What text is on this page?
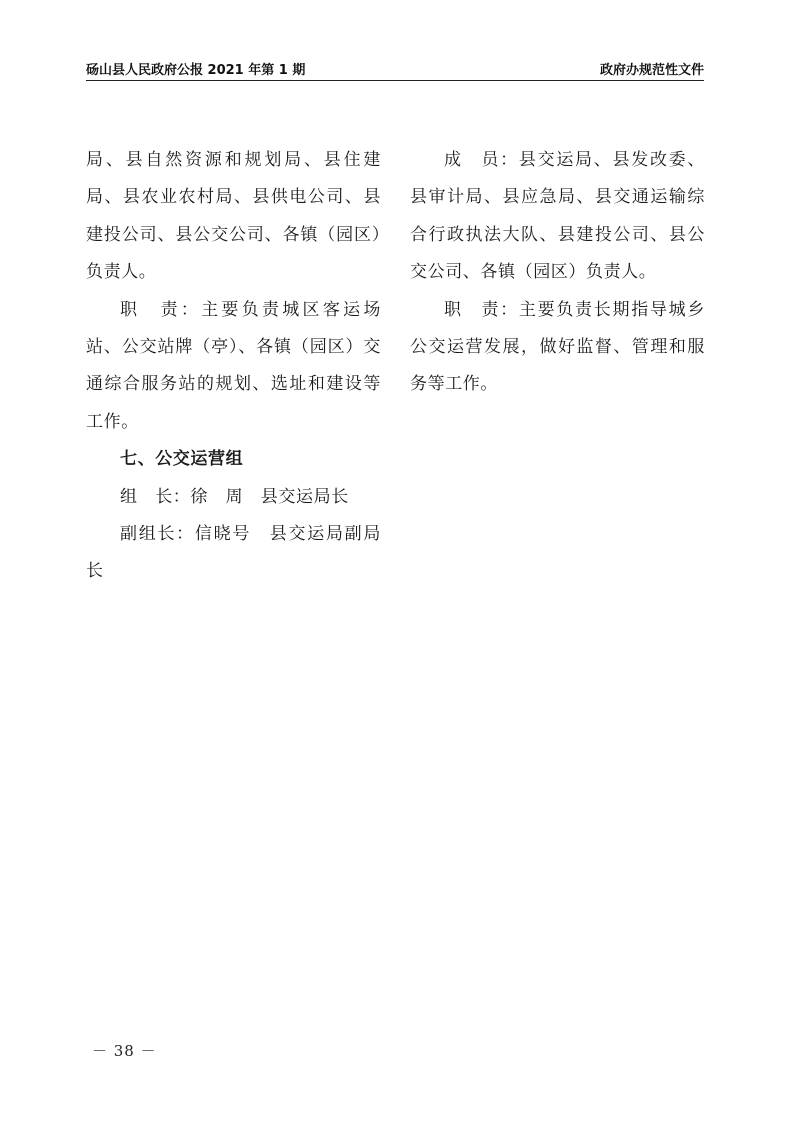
砀山县人民政府公报 2021 年第 1 期	政府办规范性文件

局、县自然资源和规划局、县住建局、县农业农村局、县供电公司、县建投公司、县公交公司、各镇（园区）负责人。

职　责：主要负责城区客运场站、公交站牌（亭）、各镇（园区）交通综合服务站的规划、选址和建设等工作。

七、公交运营组

组　长：徐　周　县交运局长

副组长：信晓号　县交运局副局长

成　员：县交运局、县发改委、县审计局、县应急局、县交通运输综合行政执法大队、县建投公司、县公交公司、各镇（园区）负责人。

职　责：主要负责长期指导城乡公交运营发展，做好监督、管理和服务等工作。

－ 38 －
